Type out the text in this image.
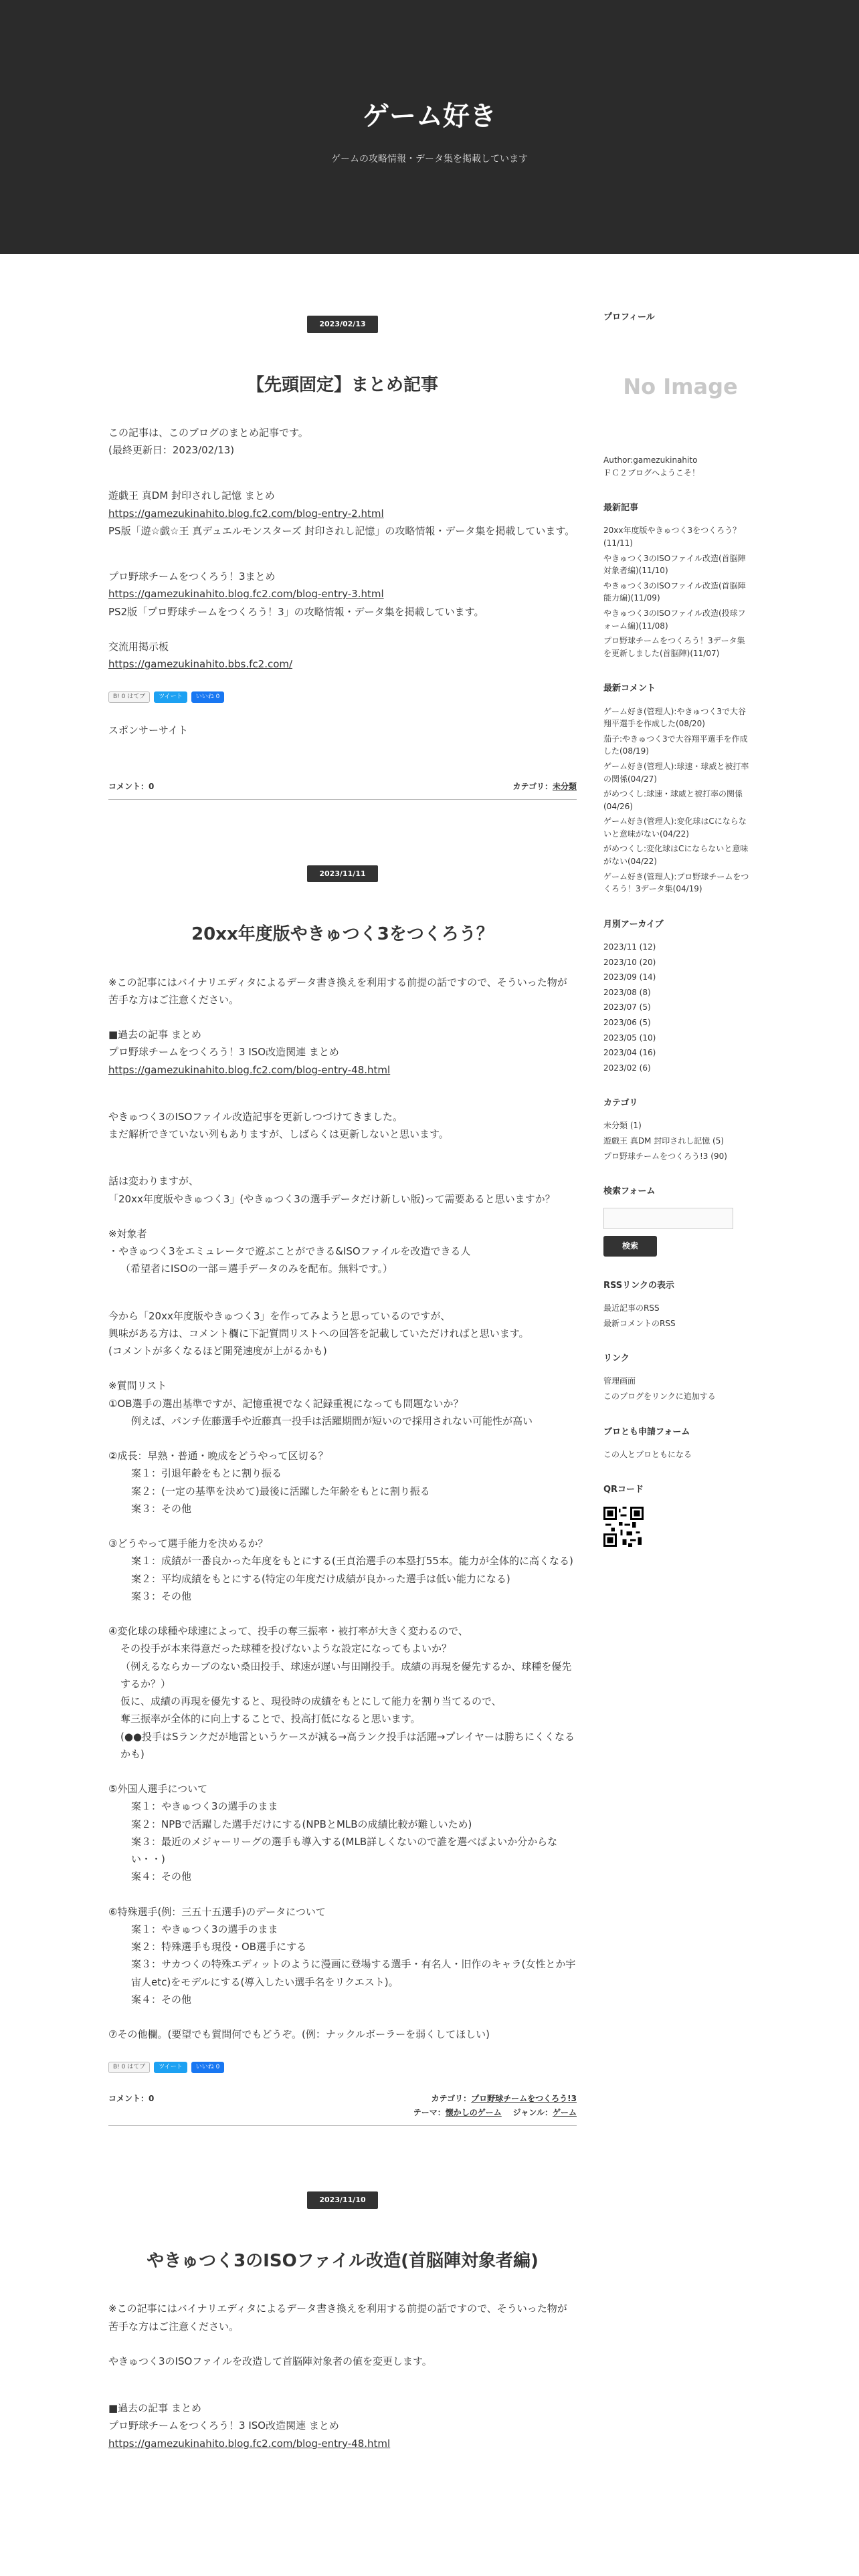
ゲーム好き
ゲームの攻略情報・データ集を掲載しています
2023/02/13
【先頭固定】まとめ記事

この記事は、このブログのまとめ記事です。

(最終更新日：2023/02/13)

遊戯王 真DM 封印されし記憶 まとめ

https://gamezukinahito.blog.fc2.com/blog-entry-2.html

PS版「遊☆戯☆王 真デュエルモンスターズ 封印されし記憶」の攻略情報・データ集を掲載しています。

プロ野球チームをつくろう！3まとめ

https://gamezukinahito.blog.fc2.com/blog-entry-3.html

PS2版「プロ野球チームをつくろう！3」の攻略情報・データ集を掲載しています。

交流用掲示板

https://gamezukinahito.bbs.fc2.com/

B! 0 はてブ	ツイート	いいね 0

スポンサーサイト

コメント：0	カテゴリ：未分類
2023/11/11
20xx年度版やきゅつく3をつくろう？

※この記事にはバイナリエディタによるデータ書き換えを利用する前提の話ですので、そういった物が苦手な方はご注意ください。

■過去の記事 まとめ

プロ野球チームをつくろう！3 ISO改造関連 まとめ

https://gamezukinahito.blog.fc2.com/blog-entry-48.html

やきゅつく3のISOファイル改造記事を更新しつづけてきました。

まだ解析できていない列もありますが、しばらくは更新しないと思います。

話は変わりますが、

「20xx年度版やきゅつく3」(やきゅつく3の選手データだけ新しい版)って需要あると思いますか？

※対象者

・やきゅつく3をエミュレータで遊ぶことができる&ISOファイルを改造できる人

（希望者にISOの一部＝選手データのみを配布。無料です。）

今から「20xx年度版やきゅつく3」を作ってみようと思っているのですが、

興味がある方は、コメント欄に下記質問リストへの回答を記載していただければと思います。

(コメントが多くなるほど開発速度が上がるかも)

※質問リスト

①OB選手の選出基準ですが、記憶重視でなく記録重視になっても問題ないか？

例えば、パンチ佐藤選手や近藤真一投手は活躍期間が短いので採用されない可能性が高い

②成長：早熟・普通・晩成をどうやって区切る？

案１：引退年齢をもとに割り振る

案２：(一定の基準を決めて)最後に活躍した年齢をもとに割り振る

案３：その他

③どうやって選手能力を決めるか？

案１：成績が一番良かった年度をもとにする(王貞治選手の本塁打55本。能力が全体的に高くなる)

案２：平均成績をもとにする(特定の年度だけ成績が良かった選手は低い能力になる)

案３：その他

④変化球の球種や球速によって、投手の奪三振率・被打率が大きく変わるので、

その投手が本来得意だった球種を投げないような設定になってもよいか？

（例えるならカーブのない桑田投手、球速が遅い与田剛投手。成績の再現を優先するか、球種を優先するか？）

仮に、成績の再現を優先すると、現役時の成績をもとにして能力を割り当てるので、

奪三振率が全体的に向上することで、投高打低になると思います。

(●●投手はSランクだが地雷というケースが減る→高ランク投手は活躍→プレイヤーは勝ちにくくなるかも)

⑤外国人選手について

案１：やきゅつく3の選手のまま

案２：NPBで活躍した選手だけにする(NPBとMLBの成績比較が難しいため)

案３：最近のメジャーリーグの選手も導入する(MLB詳しくないので誰を選べばよいか分からない・・)

案４：その他

⑥特殊選手(例：三五十五選手)のデータについて

案１：やきゅつく3の選手のまま

案２：特殊選手も現役・OB選手にする

案３：サカつくの特殊エディットのように漫画に登場する選手・有名人・旧作のキャラ(女性とか宇宙人etc)をモデルにする(導入したい選手名をリクエスト)。

案４：その他

⑦その他欄。(要望でも質問何でもどうぞ。(例：ナックルボーラーを弱くしてほしい)

B! 0 はてブ	ツイート	いいね 0
コメント：0	カテゴリ：プロ野球チームをつくろう!3
テーマ：懐かしのゲーム ジャンル：ゲーム
2023/11/10
やきゅつく3のISOファイル改造(首脳陣対象者編)

※この記事にはバイナリエディタによるデータ書き換えを利用する前提の話ですので、そういった物が苦手な方はご注意ください。

やきゅつく3のISOファイルを改造して首脳陣対象者の値を変更します。

■過去の記事 まとめ

プロ野球チームをつくろう！3 ISO改造関連 まとめ

https://gamezukinahito.blog.fc2.com/blog-entry-48.html

プロフィール
No Image
Author:gamezukinahito
ＦＣ２ブログへようこそ！
最新記事
20xx年度版やきゅつく3をつくろう？(11/11)
やきゅつく3のISOファイル改造(首脳陣対象者編)(11/10)
やきゅつく3のISOファイル改造(首脳陣能力編)(11/09)
やきゅつく3のISOファイル改造(投球フォーム編)(11/08)
プロ野球チームをつくろう！3データ集を更新しました(首脳陣)(11/07)
最新コメント
ゲーム好き(管理人):やきゅつく3で大谷翔平選手を作成した(08/20)
茄子:やきゅつく3で大谷翔平選手を作成した(08/19)
ゲーム好き(管理人):球速・球威と被打率の関係(04/27)
がめつくし:球速・球威と被打率の関係(04/26)
ゲーム好き(管理人):変化球はCにならないと意味がない(04/22)
がめつくし:変化球はCにならないと意味がない(04/22)
ゲーム好き(管理人):プロ野球チームをつくろう！3データ集(04/19)
月別アーカイブ
2023/11 (12)
2023/10 (20)
2023/09 (14)
2023/08 (8)
2023/07 (5)
2023/06 (5)
2023/05 (10)
2023/04 (16)
2023/02 (6)
カテゴリ
未分類 (1)
遊戯王 真DM 封印されし記憶 (5)
プロ野球チームをつくろう!3 (90)
検索フォーム
検索
RSSリンクの表示
最近記事のRSS
最新コメントのRSS
リンク
管理画面
このブログをリンクに追加する
ブロとも申請フォーム
この人とブロともになる
QRコード
